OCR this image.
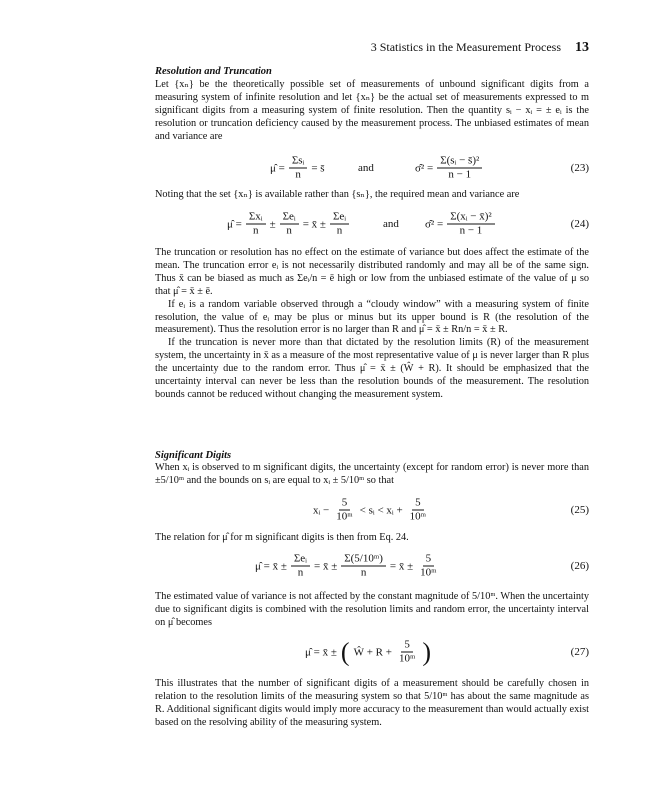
3 Statistics in the Measurement Process 13
Resolution and Truncation

Let {xₙ} be the theoretically possible set of measurements of unbound significant digits from a measuring system of infinite resolution and let {xₙ} be the actual set of measurements expressed to m significant digits from a measuring system of finite resolution. Then the quantity sᵢ − xᵢ = ± eᵢ is the resolution or truncation deficiency caused by the measurement process. The unbiased estimates of mean and variance are

μ̂ = $\frac{\text{Σsᵢ}}{n}$ = s̄	and	σ̂² = $\frac{\text{Σ(sᵢ − s̄)²}}{n - 1}$	(23)

Noting that the set {xₙ} is available rather than {sₙ}, the required mean and variance are

μ̂ = $\frac{\text{Σxᵢ}}{n} \pm \frac{\text{Σeᵢ}}{n}$ = x̄ ± $\frac{\text{Σeᵢ}}{n}$	and σ̂² = $\frac{\text{Σ(xᵢ − x̄)²}}{n - 1}$	(24)

The truncation or resolution has no effect on the estimate of variance but does affect the estimate of the mean. The truncation error eᵢ is not necessarily distributed randomly and may all be of the same sign. Thus x̄ can be biased as much as Σeᵢ/n = ē high or low from the unbiased estimate of the value of μ so that μ̂ = x̄ ± ē.

If eᵢ is a random variable observed through a “cloudy window” with a measuring system of finite resolution, the value of eᵢ may be plus or minus but its upper bound is R (the resolution of the measurement). Thus the resolution error is no larger than R and μ̂ = x̄ ± Rn/n = x̄ ± R.

If the truncation is never more than that dictated by the resolution limits (R) of the measurement system, the uncertainty in x̄ as a measure of the most representative value of μ is never larger than R plus the uncertainty due to the random error. Thus μ̂ = x̄ ± (Ŵ + R). It should be emphasized that the uncertainty interval can never be less than the resolution bounds of the measurement. The resolution bounds cannot be reduced without changing the measurement system.

Significant Digits

When xᵢ is observed to m significant digits, the uncertainty (except for random error) is never more than ±5/10ᵐ and the bounds on sᵢ are equal to xᵢ ± 5/10ᵐ so that

xᵢ − $\frac{5}{\text{10ᵐ}}$ < sᵢ < xᵢ + $\frac{5}{\text{10ᵐ}}$	(25)

The relation for μ̂ for m significant digits is then from Eq. 24.

μ̂ = x̄ ± $\frac{\text{Σeᵢ}}{n}$ = x̄ ± $\frac{\text{Σ(5/10ᵐ)}}{n}$ = x̄ ± $\frac{5}{\text{10ᵐ}}$	(26)

The estimated value of variance is not affected by the constant magnitude of 5/10ᵐ. When the uncertainty due to significant digits is combined with the resolution limits and random error, the uncertainty interval on μ̂ becomes

μ̂ = x̄ ± ( Ŵ + $R + \frac{5}{\text{10ᵐ}}$ )	(27)

This illustrates that the number of significant digits of a measurement should be carefully chosen in relation to the resolution limits of the measuring system so that 5/10ᵐ has about the same magnitude as R. Additional significant digits would imply more accuracy to the measurement than would actually exist based on the resolving ability of the measuring system.
